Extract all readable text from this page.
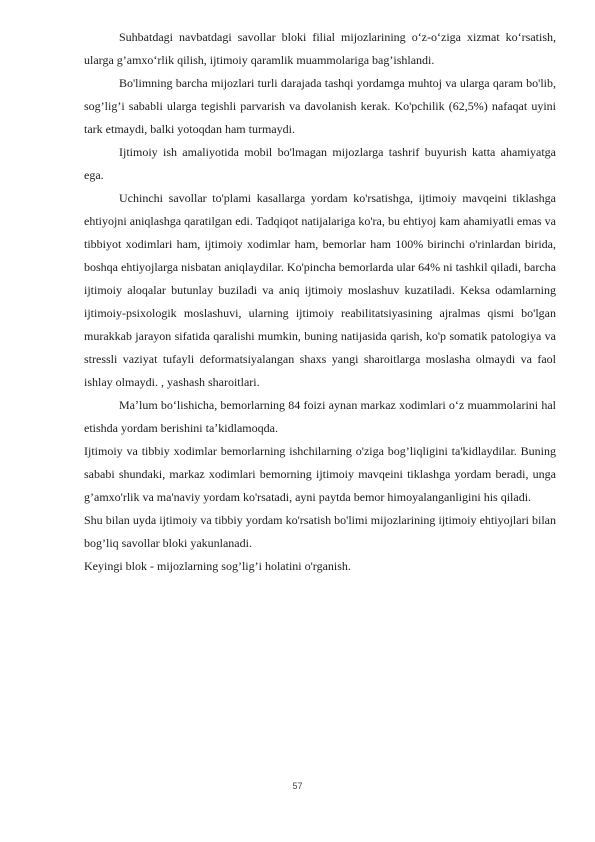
Suhbatdagi navbatdagi savollar bloki filial mijozlarining o‘z-o‘ziga xizmat ko‘rsatish, ularga g’amxo‘rlik qilish, ijtimoiy qaramlik muammolariga bag’ishlandi.

Bo'limning barcha mijozlari turli darajada tashqi yordamga muhtoj va ularga qaram bo'lib, sog’lig’i sababli ularga tegishli parvarish va davolanish kerak. Ko'pchilik (62,5%) nafaqat uyini tark etmaydi, balki yotoqdan ham turmaydi.

Ijtimoiy ish amaliyotida mobil bo'lmagan mijozlarga tashrif buyurish katta ahamiyatga ega.

Uchinchi savollar to'plami kasallarga yordam ko'rsatishga, ijtimoiy mavqeini tiklashga ehtiyojni aniqlashga qaratilgan edi. Tadqiqot natijalariga ko'ra, bu ehtiyoj kam ahamiyatli emas va tibbiyot xodimlari ham, ijtimoiy xodimlar ham, bemorlar ham 100% birinchi o'rinlardan birida, boshqa ehtiyojlarga nisbatan aniqlaydilar. Ko'pincha bemorlarda ular 64% ni tashkil qiladi, barcha ijtimoiy aloqalar butunlay buziladi va aniq ijtimoiy moslashuv kuzatiladi. Keksa odamlarning ijtimoiy-psixologik moslashuvi, ularning ijtimoiy reabilitatsiyasining ajralmas qismi bo'lgan murakkab jarayon sifatida qaralishi mumkin, buning natijasida qarish, ko'p somatik patologiya va stressli vaziyat tufayli deformatsiyalangan shaxs yangi sharoitlarga moslasha olmaydi va faol ishlay olmaydi. , yashash sharoitlari.

Maʼlum boʻlishicha, bemorlarning 84 foizi aynan markaz xodimlari oʻz muammolarini hal etishda yordam berishini taʼkidlamoqda.

Ijtimoiy va tibbiy xodimlar bemorlarning ishchilarning o'ziga bog’liqligini ta'kidlaydilar. Buning sababi shundaki, markaz xodimlari bemorning ijtimoiy mavqeini tiklashga yordam beradi, unga g’amxo'rlik va ma'naviy yordam ko'rsatadi, ayni paytda bemor himoyalanganligini his qiladi.

Shu bilan uyda ijtimoiy va tibbiy yordam ko'rsatish bo'limi mijozlarining ijtimoiy ehtiyojlari bilan bog’liq savollar bloki yakunlanadi.

Keyingi blok - mijozlarning sog’lig’i holatini o'rganish.

57
